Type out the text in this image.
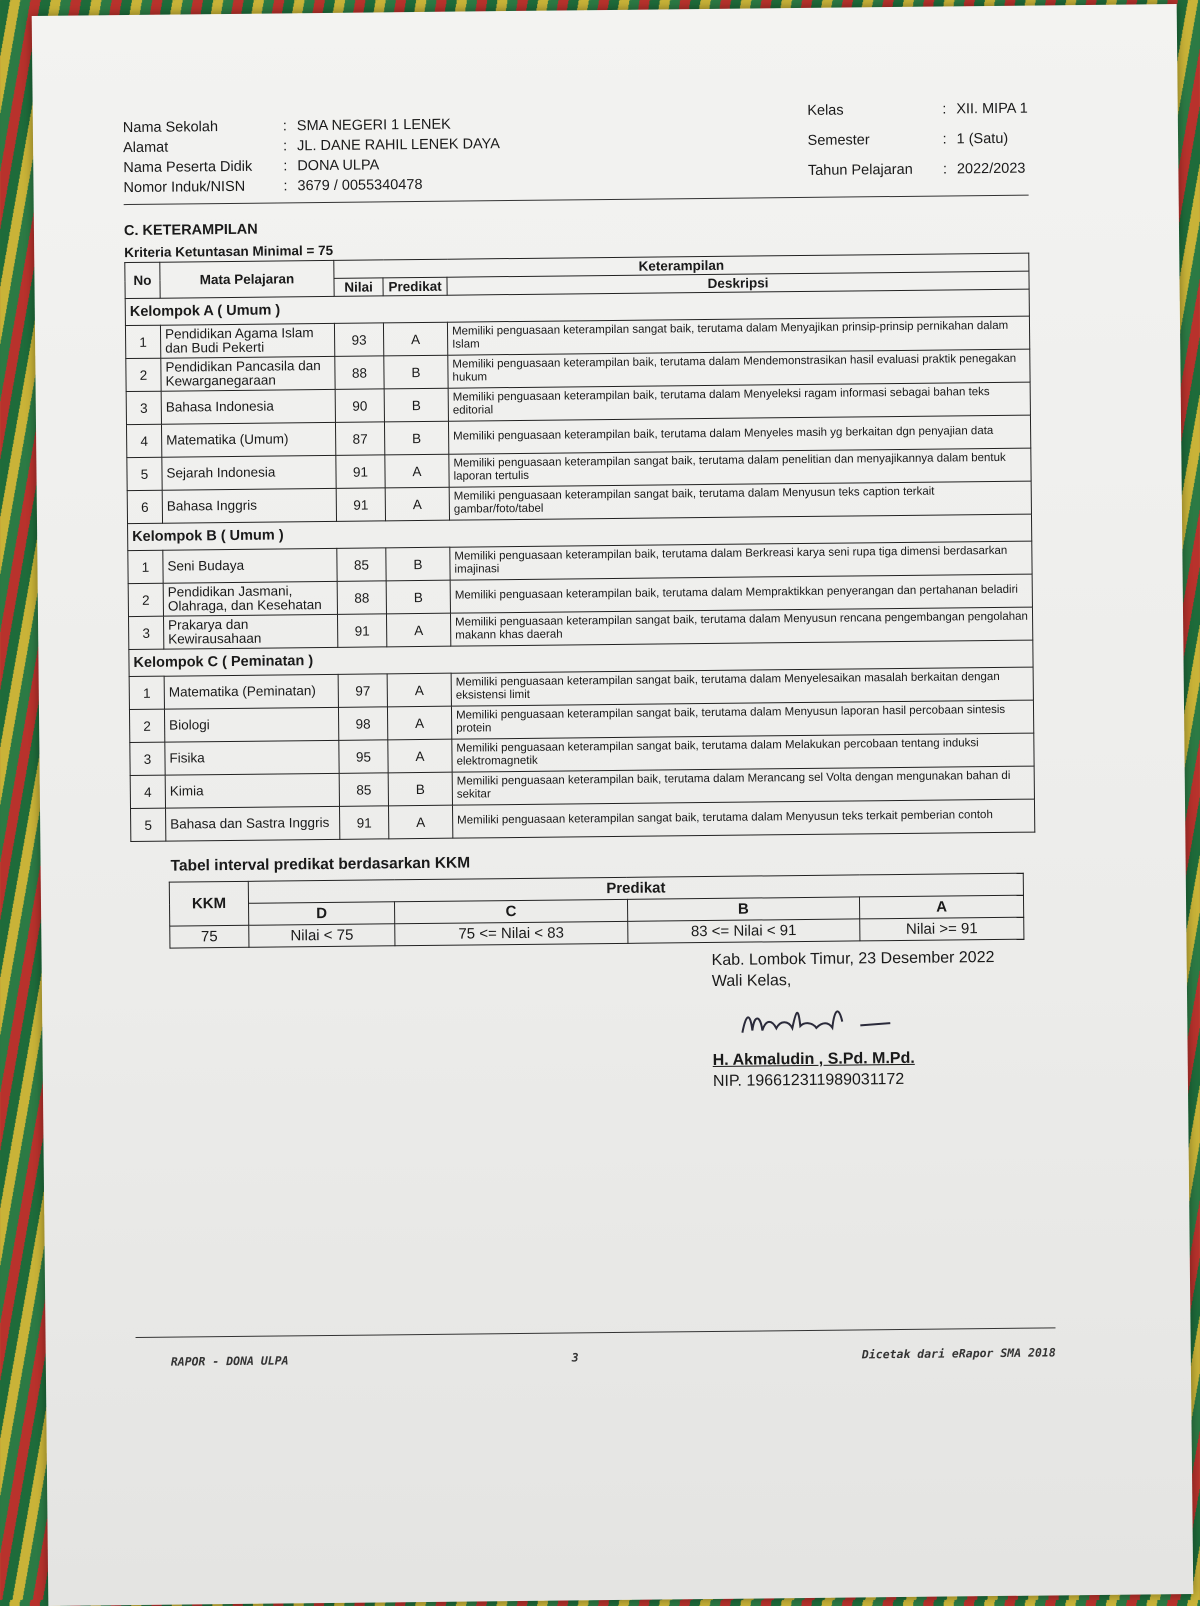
Nama Sekolah	: SMA NEGERI 1 LENEK
Alamat	: JL. DANE RAHIL LENEK DAYA
Nama Peserta Didik	: DONA ULPA
Nomor Induk/NISN	: 3679 / 0055340478
Kelas	: XII. MIPA 1
Semester	: 1 (Satu)
Tahun Pelajaran	: 2022/2023
C. KETERAMPILAN
Kriteria Ketuntasan Minimal = 75
No	Mata Pelajaran	Keterampilan		
		Nilai	Predikat	Deskripsi
Kelompok A ( Umum )				
1	Pendidikan Agama Islam dan Budi Pekerti	93	A	Memiliki penguasaan keterampilan sangat baik, terutama dalam Menyajikan prinsip-prinsip pernikahan dalam Islam
2	Pendidikan Pancasila dan Kewarganegaraan	88	B	Memiliki penguasaan keterampilan baik, terutama dalam Mendemonstrasikan hasil evaluasi praktik penegakan hukum
3	Bahasa Indonesia	90	B	Memiliki penguasaan keterampilan baik, terutama dalam Menyeleksi ragam informasi sebagai bahan teks editorial
4	Matematika (Umum)	87	B	Memiliki penguasaan keterampilan baik, terutama dalam Menyeles masih yg berkaitan dgn penyajian data
5	Sejarah Indonesia	91	A	Memiliki penguasaan keterampilan sangat baik, terutama dalam penelitian dan menyajikannya dalam bentuk laporan tertulis
6	Bahasa Inggris	91	A	Memiliki penguasaan keterampilan sangat baik, terutama dalam Menyusun teks caption terkait gambar/foto/tabel
Kelompok B ( Umum )				
1	Seni Budaya	85	B	Memiliki penguasaan keterampilan baik, terutama dalam Berkreasi karya seni rupa tiga dimensi berdasarkan imajinasi
2	Pendidikan Jasmani, Olahraga, dan Kesehatan	88	B	Memiliki penguasaan keterampilan baik, terutama dalam Mempraktikkan penyerangan dan pertahanan beladiri
3	Prakarya dan Kewirausahaan	91	A	Memiliki penguasaan keterampilan sangat baik, terutama dalam Menyusun rencana pengembangan pengolahan makann khas daerah
Kelompok C ( Peminatan )				
1	Matematika (Peminatan)	97	A	Memiliki penguasaan keterampilan sangat baik, terutama dalam Menyelesaikan masalah berkaitan dengan eksistensi limit
2	Biologi	98	A	Memiliki penguasaan keterampilan sangat baik, terutama dalam Menyusun laporan hasil percobaan sintesis protein
3	Fisika	95	A	Memiliki penguasaan keterampilan sangat baik, terutama dalam Melakukan percobaan tentang induksi elektromagnetik
4	Kimia	85	B	Memiliki penguasaan keterampilan baik, terutama dalam Merancang sel Volta dengan mengunakan bahan di sekitar
5	Bahasa dan Sastra Inggris	91	A	Memiliki penguasaan keterampilan sangat baik, terutama dalam Menyusun teks terkait pemberian contoh
Tabel interval predikat berdasarkan KKM
KKM	Predikat			
	D	C	B	A
75	Nilai < 75	75 <= Nilai < 83	83 <= Nilai < 91	Nilai >= 91
Kab. Lombok Timur, 23 Desember 2022
Wali Kelas,
H. Akmaludin , S.Pd. M.Pd.
NIP. 196612311989031172
RAPOR - DONA ULPA	3	Dicetak dari eRapor SMA 2018
